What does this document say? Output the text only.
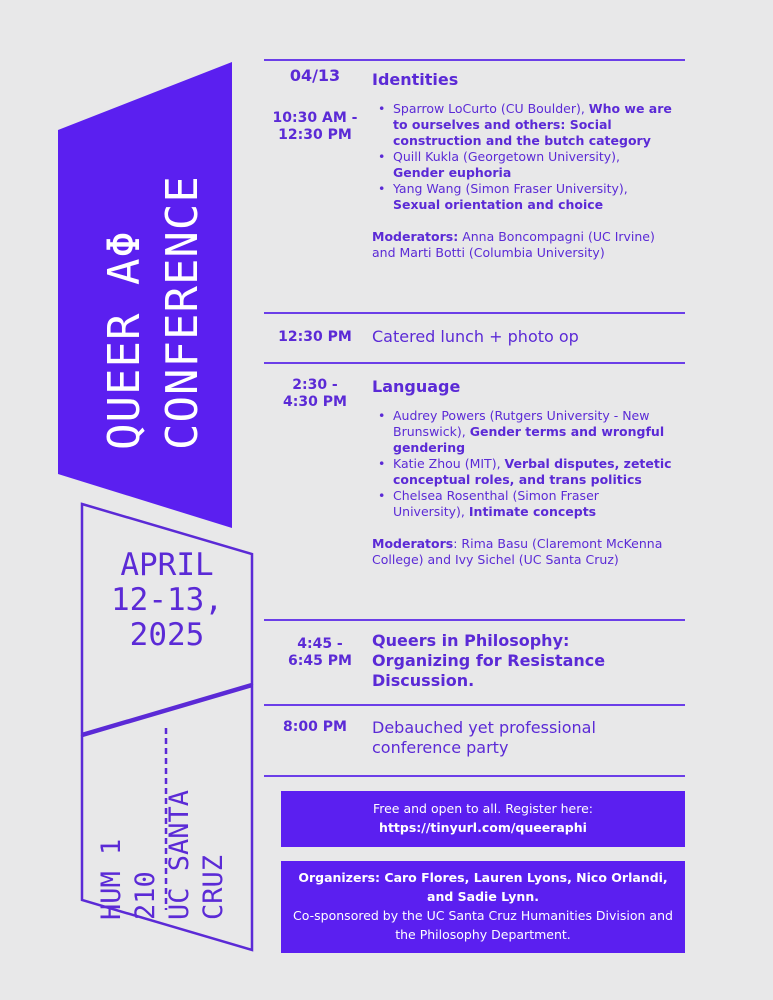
QUEER AΦ CONFERENCE
APRIL
12-13,
2025
HUM 1 210 UC SANTA CRUZ
04/13
10:30 AM - 12:30 PM
Identities
• Sparrow LoCurto (CU Boulder), Who we are to ourselves and others: Social construction and the butch category
• Quill Kukla (Georgetown University), Gender euphoria
• Yang Wang (Simon Fraser University), Sexual orientation and choice
Moderators: Anna Boncompagni (UC Irvine) and Marti Botti (Columbia University)
12:30 PM	Catered lunch + photo op
2:30 - 4:30 PM
Language
• Audrey Powers (Rutgers University - New Brunswick), Gender terms and wrongful gendering
• Katie Zhou (MIT), Verbal disputes, zetetic conceptual roles, and trans politics
• Chelsea Rosenthal (Simon Fraser University), Intimate concepts
Moderators: Rima Basu (Claremont McKenna College) and Ivy Sichel (UC Santa Cruz)
4:45 - 6:45 PM
Queers in Philosophy: Organizing for Resistance Discussion.
8:00 PM	Debauched yet professional conference party
Free and open to all. Register here:
https://tinyurl.com/queeraphi
Organizers: Caro Flores, Lauren Lyons, Nico Orlandi, and Sadie Lynn.
Co-sponsored by the UC Santa Cruz Humanities Division and the Philosophy Department.
